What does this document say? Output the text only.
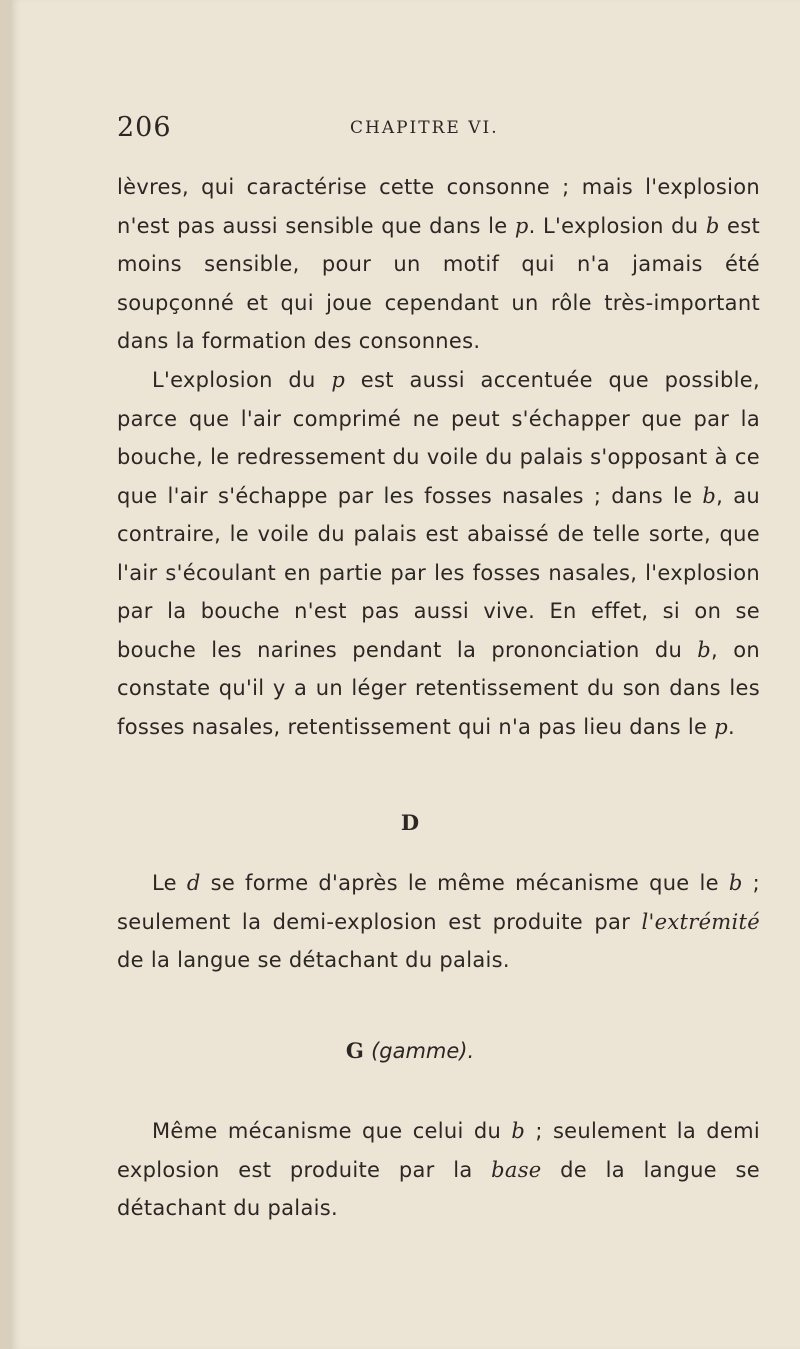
206	CHAPITRE VI.

lèvres, qui caractérise cette consonne ; mais l'explosion n'est pas aussi sensible que dans le p. L'explosion du b est moins sensible, pour un motif qui n'a jamais été soupçonné et qui joue cependant un rôle très-important dans la formation des consonnes.

L'explosion du p est aussi accentuée que possible, parce que l'air comprimé ne peut s'échapper que par la bouche, le redressement du voile du palais s'opposant à ce que l'air s'échappe par les fosses nasales ; dans le b, au contraire, le voile du palais est abaissé de telle sorte, que l'air s'écoulant en partie par les fosses nasales, l'explosion par la bouche n'est pas aussi vive. En effet, si on se bouche les narines pendant la prononciation du b, on constate qu'il y a un léger retentissement du son dans les fosses nasales, retentissement qui n'a pas lieu dans le p.

D

Le d se forme d'après le même mécanisme que le b ; seulement la demi-explosion est produite par l'extrémité de la langue se détachant du palais.

G (gamme).

Même mécanisme que celui du b ; seulement la demi explosion est produite par la base de la langue se détachant du palais.
